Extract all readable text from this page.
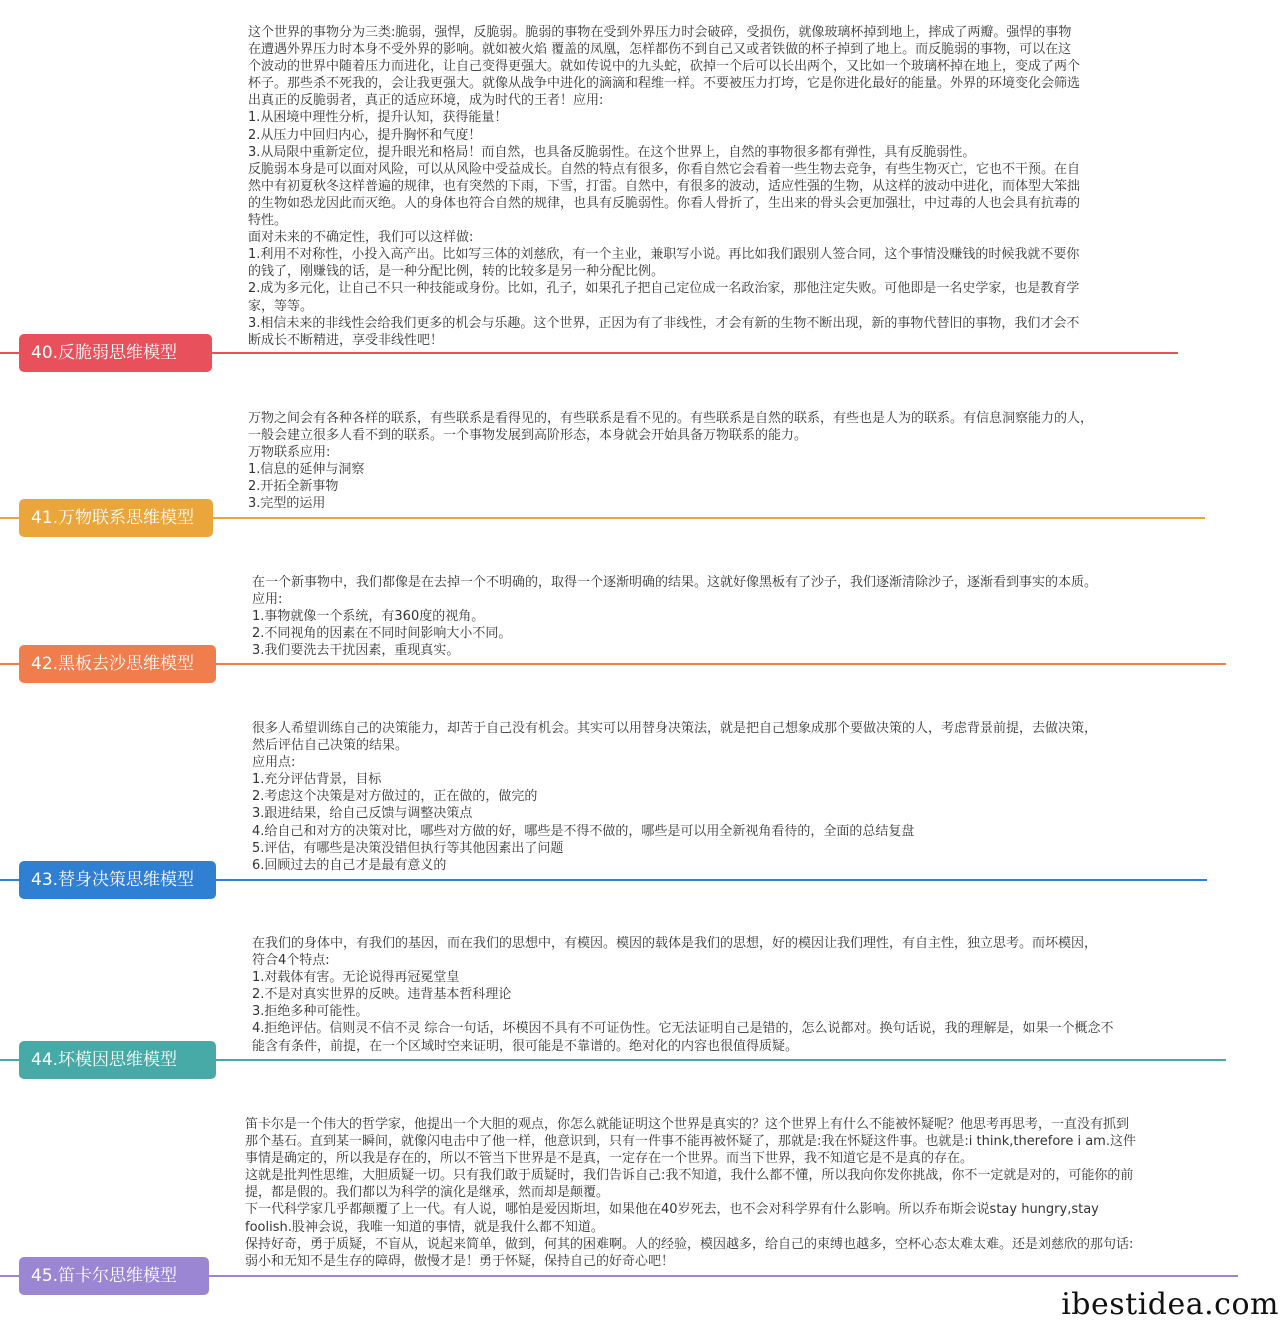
40.反脆弱思维模型

这个世界的事物分为三类:脆弱，强悍，反脆弱。脆弱的事物在受到外界压力时会破碎，受损伤，就像玻璃杯掉到地上，摔成了两瓣。强悍的事物

在遭遇外界压力时本身不受外界的影响。就如被火焰 覆盖的凤凰，怎样都伤不到自己又或者铁做的杯子掉到了地上。而反脆弱的事物，可以在这

个波动的世界中随着压力而进化，让自己变得更强大。就如传说中的九头蛇，砍掉一个后可以长出两个，又比如一个玻璃杯掉在地上，变成了两个

杯子。那些杀不死我的，会让我更强大。就像从战争中进化的滴滴和程维一样。不要被压力打垮，它是你进化最好的能量。外界的环境变化会筛选

出真正的反脆弱者，真正的适应环境，成为时代的王者！应用:

1.从困境中理性分析，提升认知，获得能量！

2.从压力中回归内心，提升胸怀和气度！

3.从局限中重新定位，提升眼光和格局！而自然，也具备反脆弱性。在这个世界上，自然的事物很多都有弹性，具有反脆弱性。

反脆弱本身是可以面对风险，可以从风险中受益成长。自然的特点有很多，你看自然它会看着一些生物去竞争，有些生物灭亡，它也不干预。在自

然中有初夏秋冬这样普遍的规律，也有突然的下雨，下雪，打雷。自然中，有很多的波动，适应性强的生物，从这样的波动中进化，而体型大笨拙

的生物如恐龙因此而灭绝。人的身体也符合自然的规律，也具有反脆弱性。你看人骨折了，生出来的骨头会更加强壮，中过毒的人也会具有抗毒的

特性。

面对未来的不确定性，我们可以这样做:

1.利用不对称性，小投入高产出。比如写三体的刘慈欣，有一个主业，兼职写小说。再比如我们跟别人签合同，这个事情没赚钱的时候我就不要你

的钱了，刚赚钱的话，是一种分配比例，转的比较多是另一种分配比例。

2.成为多元化，让自己不只一种技能或身份。比如，孔子，如果孔子把自己定位成一名政治家，那他注定失败。可他即是一名史学家，也是教育学

家，等等。

3.相信未来的非线性会给我们更多的机会与乐趣。这个世界，正因为有了非线性，才会有新的生物不断出现，新的事物代替旧的事物，我们才会不

断成长不断精进，享受非线性吧！

41.万物联系思维模型

万物之间会有各种各样的联系，有些联系是看得见的，有些联系是看不见的。有些联系是自然的联系，有些也是人为的联系。有信息洞察能力的人，

一般会建立很多人看不到的联系。一个事物发展到高阶形态，本身就会开始具备万物联系的能力。

万物联系应用:

1.信息的延伸与洞察

2.开拓全新事物

3.完型的运用

42.黑板去沙思维模型

在一个新事物中，我们都像是在去掉一个不明确的，取得一个逐渐明确的结果。这就好像黑板有了沙子，我们逐渐清除沙子，逐渐看到事实的本质。

应用:

1.事物就像一个系统，有360度的视角。

2.不同视角的因素在不同时间影响大小不同。

3.我们要洗去干扰因素，重现真实。

43.替身决策思维模型

很多人希望训练自己的决策能力，却苦于自己没有机会。其实可以用替身决策法，就是把自己想象成那个要做决策的人，考虑背景前提，去做决策，

然后评估自己决策的结果。

应用点:

1.充分评估背景，目标

2.考虑这个决策是对方做过的，正在做的，做完的

3.跟进结果，给自己反馈与调整决策点

4.给自己和对方的决策对比，哪些对方做的好，哪些是不得不做的，哪些是可以用全新视角看待的，全面的总结复盘

5.评估，有哪些是决策没错但执行等其他因素出了问题

6.回顾过去的自己才是最有意义的

44.坏模因思维模型

在我们的身体中，有我们的基因，而在我们的思想中，有模因。模因的载体是我们的思想，好的模因让我们理性，有自主性，独立思考。而坏模因，

符合4个特点:

1.对载体有害。无论说得再冠冕堂皇

2.不是对真实世界的反映。违背基本哲科理论

3.拒绝多种可能性。

4.拒绝评估。信则灵不信不灵 综合一句话，坏模因不具有不可证伪性。它无法证明自己是错的，怎么说都对。换句话说，我的理解是，如果一个概念不

能含有条件，前提，在一个区域时空来证明，很可能是不靠谱的。绝对化的内容也很值得质疑。

45.笛卡尔思维模型

笛卡尔是一个伟大的哲学家，他提出一个大胆的观点，你怎么就能证明这个世界是真实的？这个世界上有什么不能被怀疑呢？他思考再思考，一直没有抓到

那个基石。直到某一瞬间，就像闪电击中了他一样，他意识到，只有一件事不能再被怀疑了，那就是:我在怀疑这件事。也就是:i think,therefore i am.这件

事情是确定的，所以我是存在的，所以不管当下世界是不是真，一定存在一个世界。而当下世界，我不知道它是不是真的存在。

这就是批判性思维，大胆质疑一切。只有我们敢于质疑时，我们告诉自己:我不知道，我什么都不懂，所以我向你发你挑战，你不一定就是对的，可能你的前

提，都是假的。我们都以为科学的演化是继承，然而却是颠覆。

下一代科学家几乎都颠覆了上一代。有人说，哪怕是爱因斯坦，如果他在40岁死去，也不会对科学界有什么影响。所以乔布斯会说stay hungry,stay

foolish.股神会说，我唯一知道的事情，就是我什么都不知道。

保持好奇，勇于质疑，不盲从，说起来简单，做到，何其的困难啊。人的经验，模因越多，给自己的束缚也越多，空杯心态太难太难。还是刘慈欣的那句话:

弱小和无知不是生存的障碍，傲慢才是！勇于怀疑，保持自己的好奇心吧！

ibestidea.com
